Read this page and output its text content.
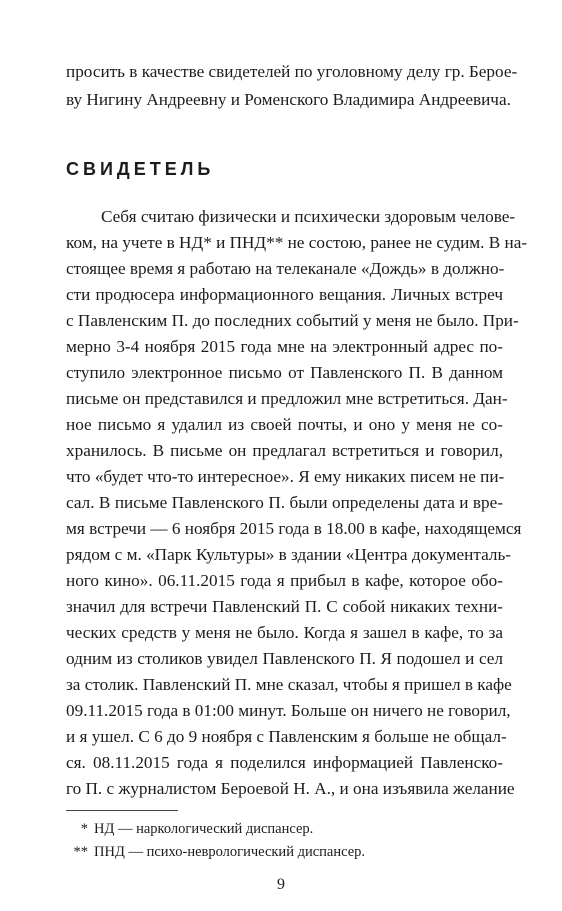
просить в качестве свидетелей по уголовному делу гр. Берое-
ву Нигину Андреевну и Роменского Владимира Андреевича.
СВИДЕТЕЛЬ
Себя считаю физически и психически здоровым челове-
ком, на учете в НД* и ПНД** не состою, ранее не судим. В на-
стоящее время я работаю на телеканале «Дождь» в должно-
сти продюсера информационного вещания. Личных встреч
с Павленским П. до последних событий у меня не было. При-
мерно 3-4 ноября 2015 года мне на электронный адрес по-
ступило электронное письмо от Павленского П. В данном
письме он представился и предложил мне встретиться. Дан-
ное письмо я удалил из своей почты, и оно у меня не со-
хранилось. В письме он предлагал встретиться и говорил,
что «будет что-то интересное». Я ему никаких писем не пи-
сал. В письме Павленского П. были определены дата и вре-
мя встречи — 6 ноября 2015 года в 18.00 в кафе, находящемся
рядом с м. «Парк Культуры» в здании «Центра документаль-
ного кино». 06.11.2015 года я прибыл в кафе, которое обо-
значил для встречи Павленский П. С собой никаких техни-
ческих средств у меня не было. Когда я зашел в кафе, то за
одним из столиков увидел Павленского П. Я подошел и сел
за столик. Павленский П. мне сказал, чтобы я пришел в кафе
09.11.2015 года в 01:00 минут. Больше он ничего не говорил,
и я ушел. С 6 до 9 ноября с Павленским я больше не общал-
ся. 08.11.2015 года я поделился информацией Павленско-
го П. с журналистом Бероевой Н. А., и она изъявила желание
* НД — наркологический диспансер.
** ПНД — психо-неврологический диспансер.
9
